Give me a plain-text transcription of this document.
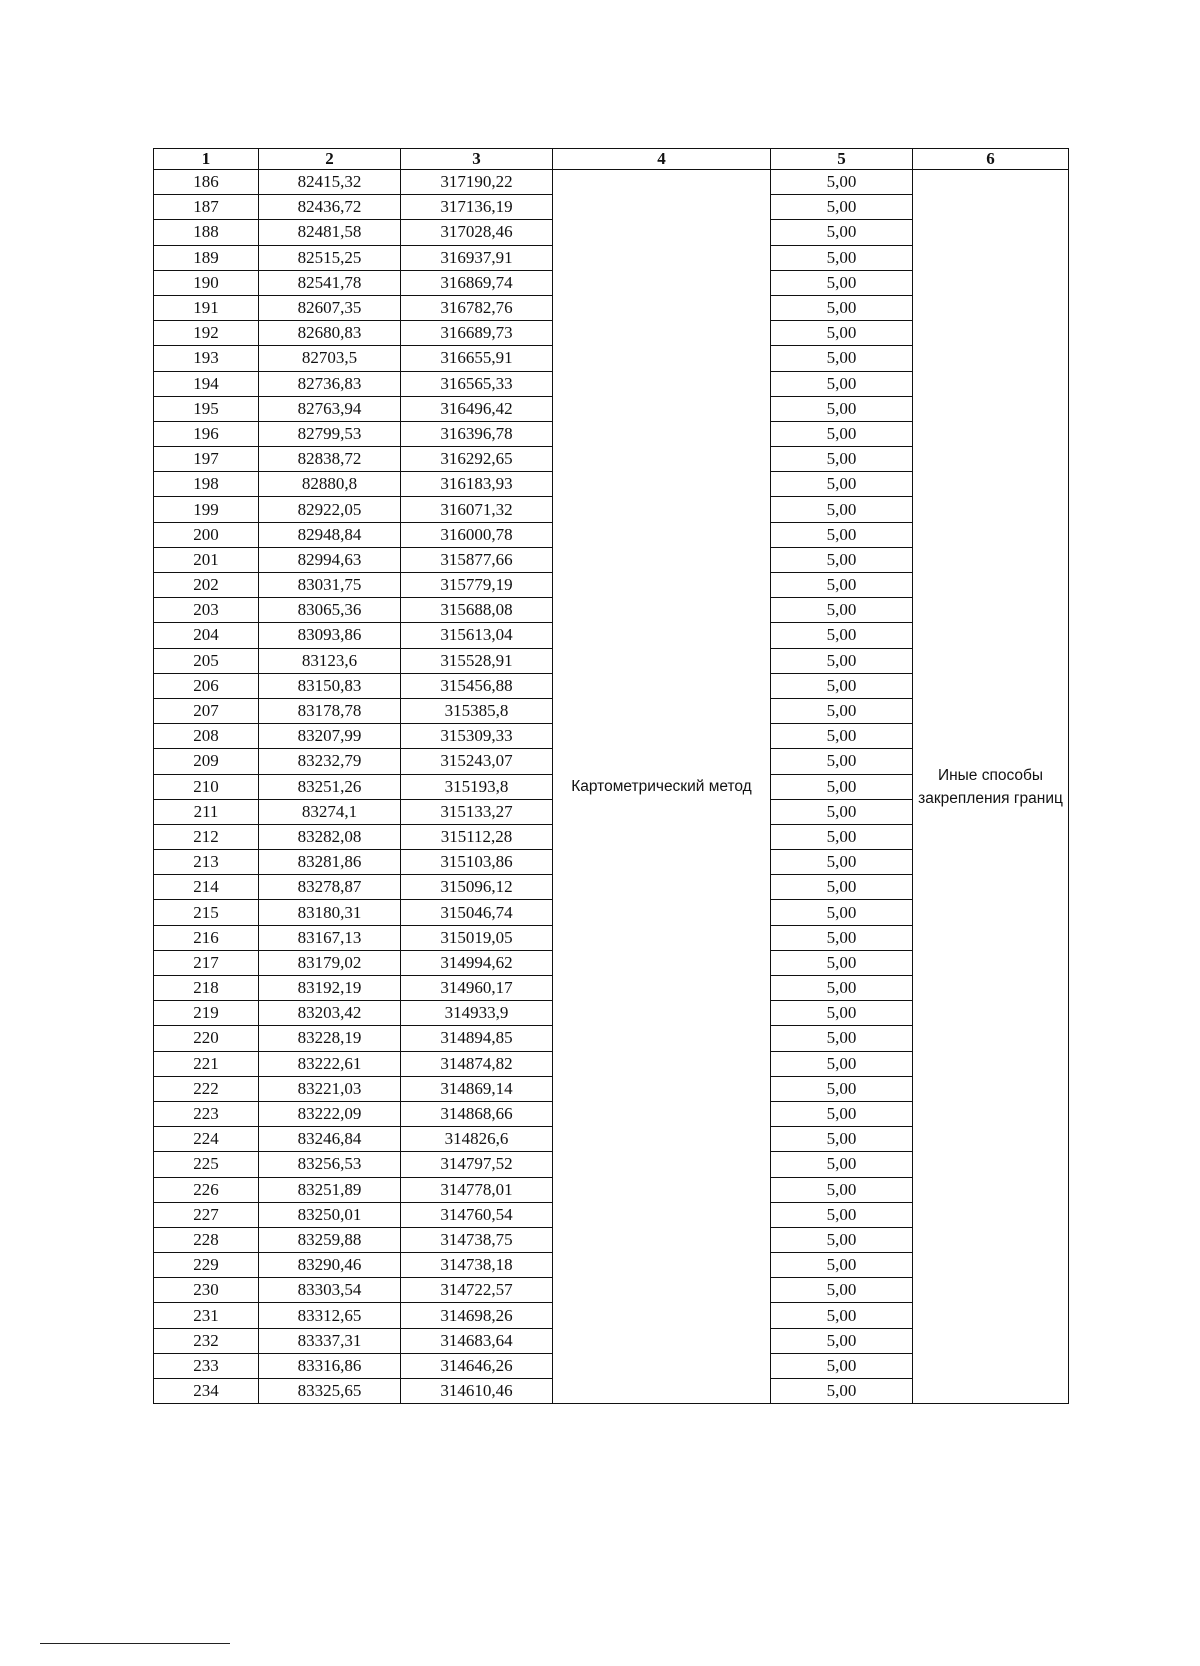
1	2	3	4	5	6
186	82415,32	317190,22	Картометрический метод	5,00	Иные способы закрепления границ
187	82436,72	317136,19		5,00	
188	82481,58	317028,46		5,00	
189	82515,25	316937,91		5,00	
190	82541,78	316869,74		5,00	
191	82607,35	316782,76		5,00	
192	82680,83	316689,73		5,00	
193	82703,5	316655,91		5,00	
194	82736,83	316565,33		5,00	
195	82763,94	316496,42		5,00	
196	82799,53	316396,78		5,00	
197	82838,72	316292,65		5,00	
198	82880,8	316183,93		5,00	
199	82922,05	316071,32		5,00	
200	82948,84	316000,78		5,00	
201	82994,63	315877,66		5,00	
202	83031,75	315779,19		5,00	
203	83065,36	315688,08		5,00	
204	83093,86	315613,04		5,00	
205	83123,6	315528,91		5,00	
206	83150,83	315456,88		5,00	
207	83178,78	315385,8		5,00	
208	83207,99	315309,33		5,00	
209	83232,79	315243,07		5,00	
210	83251,26	315193,8		5,00	
211	83274,1	315133,27		5,00	
212	83282,08	315112,28		5,00	
213	83281,86	315103,86		5,00	
214	83278,87	315096,12		5,00	
215	83180,31	315046,74		5,00	
216	83167,13	315019,05		5,00	
217	83179,02	314994,62		5,00	
218	83192,19	314960,17		5,00	
219	83203,42	314933,9		5,00	
220	83228,19	314894,85		5,00	
221	83222,61	314874,82		5,00	
222	83221,03	314869,14		5,00	
223	83222,09	314868,66		5,00	
224	83246,84	314826,6		5,00	
225	83256,53	314797,52		5,00	
226	83251,89	314778,01		5,00	
227	83250,01	314760,54		5,00	
228	83259,88	314738,75		5,00	
229	83290,46	314738,18		5,00	
230	83303,54	314722,57		5,00	
231	83312,65	314698,26		5,00	
232	83337,31	314683,64		5,00	
233	83316,86	314646,26		5,00	
234	83325,65	314610,46		5,00	
